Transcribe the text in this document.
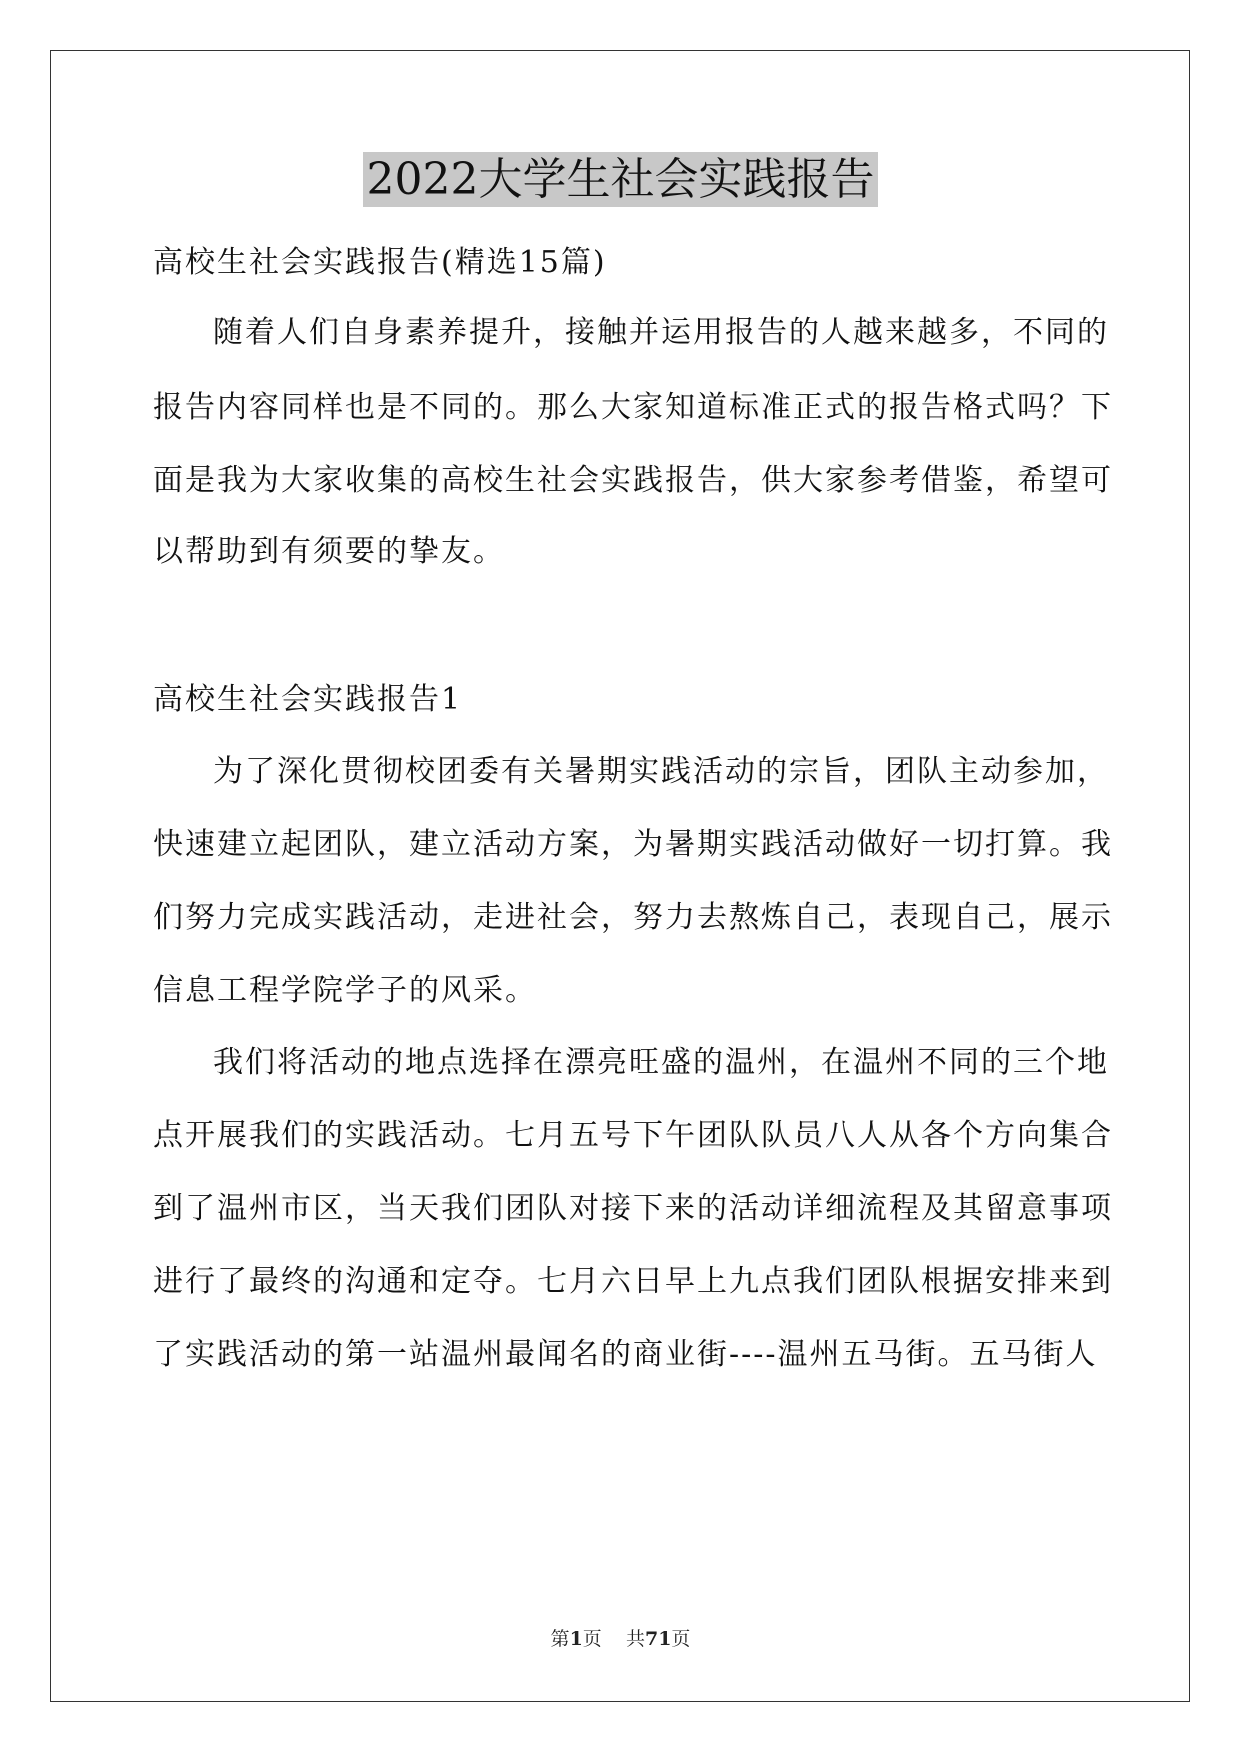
2022大学生社会实践报告
高校生社会实践报告(精选15篇)
随着人们自身素养提升，接触并运用报告的人越来越多，不同的
报告内容同样也是不同的。那么大家知道标准正式的报告格式吗？下
面是我为大家收集的高校生社会实践报告，供大家参考借鉴，希望可
以帮助到有须要的挚友。
高校生社会实践报告1
为了深化贯彻校团委有关暑期实践活动的宗旨，团队主动参加，
快速建立起团队，建立活动方案，为暑期实践活动做好一切打算。我
们努力完成实践活动，走进社会，努力去熬炼自己，表现自己，展示
信息工程学院学子的风采。
我们将活动的地点选择在漂亮旺盛的温州，在温州不同的三个地
点开展我们的实践活动。七月五号下午团队队员八人从各个方向集合
到了温州市区，当天我们团队对接下来的活动详细流程及其留意事项
进行了最终的沟通和定夺。七月六日早上九点我们团队根据安排来到
了实践活动的第一站温州最闻名的商业街----温州五马街。五马街人
第1页    共71页
